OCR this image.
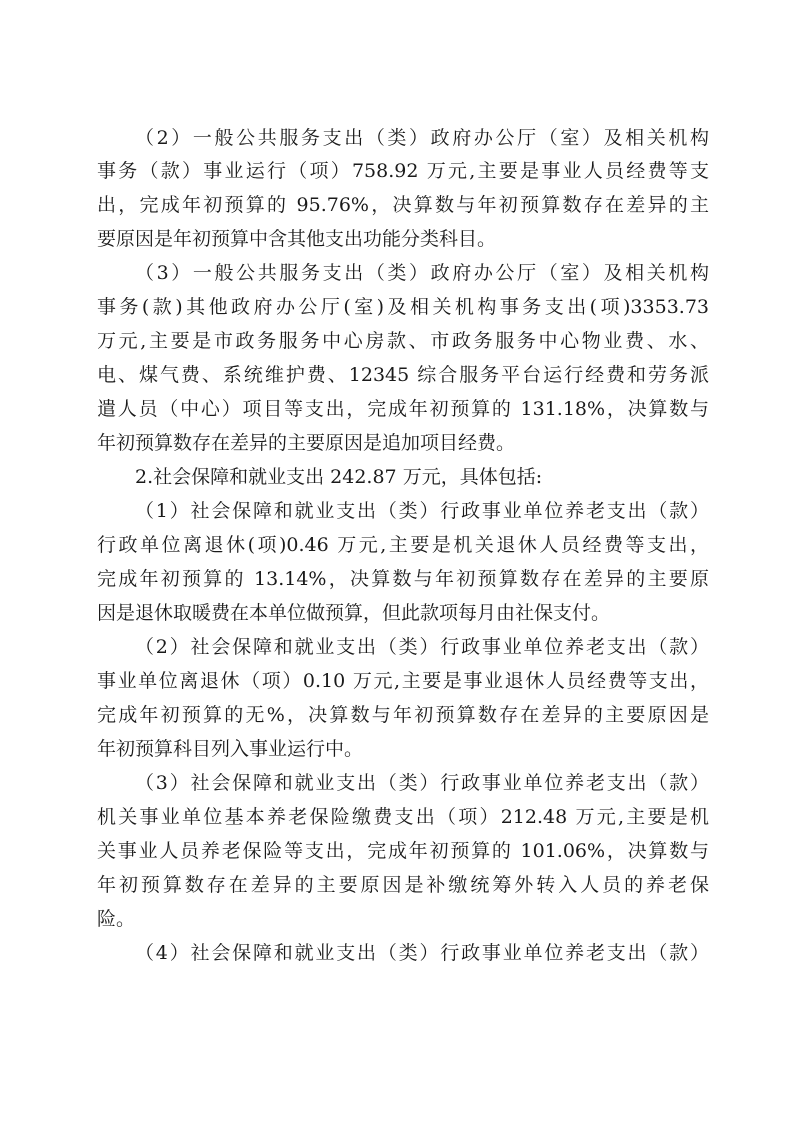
（2）一般公共服务支出（类）政府办公厅（室）及相关机构

事务（款）事业运行（项）758.92 万元,主要是事业人员经费等支

出，完成年初预算的 95.76%，决算数与年初预算数存在差异的主

要原因是年初预算中含其他支出功能分类科目。

（3）一般公共服务支出（类）政府办公厅（室）及相关机构

事务(款)其他政府办公厅(室)及相关机构事务支出(项)3353.73

万元,主要是市政务服务中心房款、市政务服务中心物业费、水、

电、煤气费、系统维护费、12345 综合服务平台运行经费和劳务派

遣人员（中心）项目等支出，完成年初预算的 131.18%，决算数与

年初预算数存在差异的主要原因是追加项目经费。

2.社会保障和就业支出 242.87 万元，具体包括:

（1）社会保障和就业支出（类）行政事业单位养老支出（款）

行政单位离退休(项)0.46 万元,主要是机关退休人员经费等支出，

完成年初预算的 13.14%，决算数与年初预算数存在差异的主要原

因是退休取暖费在本单位做预算，但此款项每月由社保支付。

（2）社会保障和就业支出（类）行政事业单位养老支出（款）

事业单位离退休（项）0.10 万元,主要是事业退休人员经费等支出，

完成年初预算的无%，决算数与年初预算数存在差异的主要原因是

年初预算科目列入事业运行中。

（3）社会保障和就业支出（类）行政事业单位养老支出（款）

机关事业单位基本养老保险缴费支出（项）212.48 万元,主要是机

关事业人员养老保险等支出，完成年初预算的 101.06%，决算数与

年初预算数存在差异的主要原因是补缴统筹外转入人员的养老保

险。

（4）社会保障和就业支出（类）行政事业单位养老支出（款）
